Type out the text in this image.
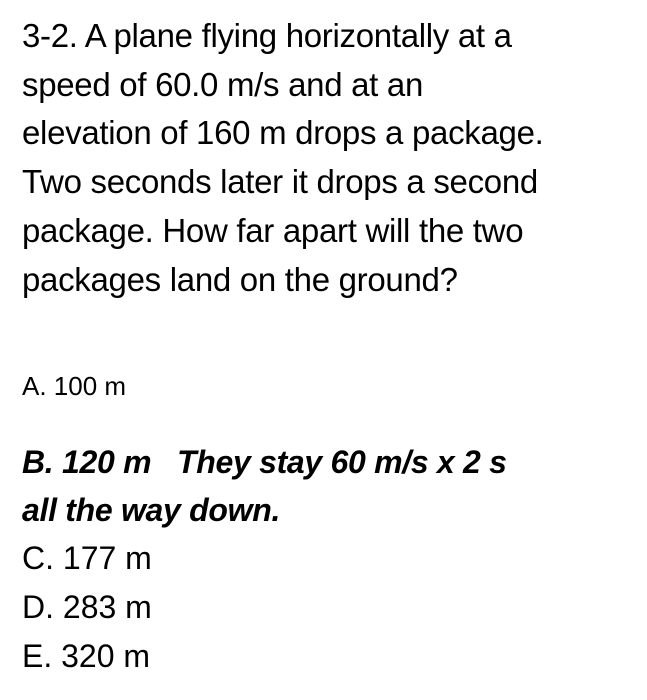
3-2. A plane flying horizontally at a
speed of 60.0 m/s and at an
elevation of 160 m drops a package.
Two seconds later it drops a second
package. How far apart will the two
packages land on the ground?
A. 100 m
B. 120 m   They stay 60 m/s x 2 s
all the way down.
C. 177 m
D. 283 m
E. 320 m
